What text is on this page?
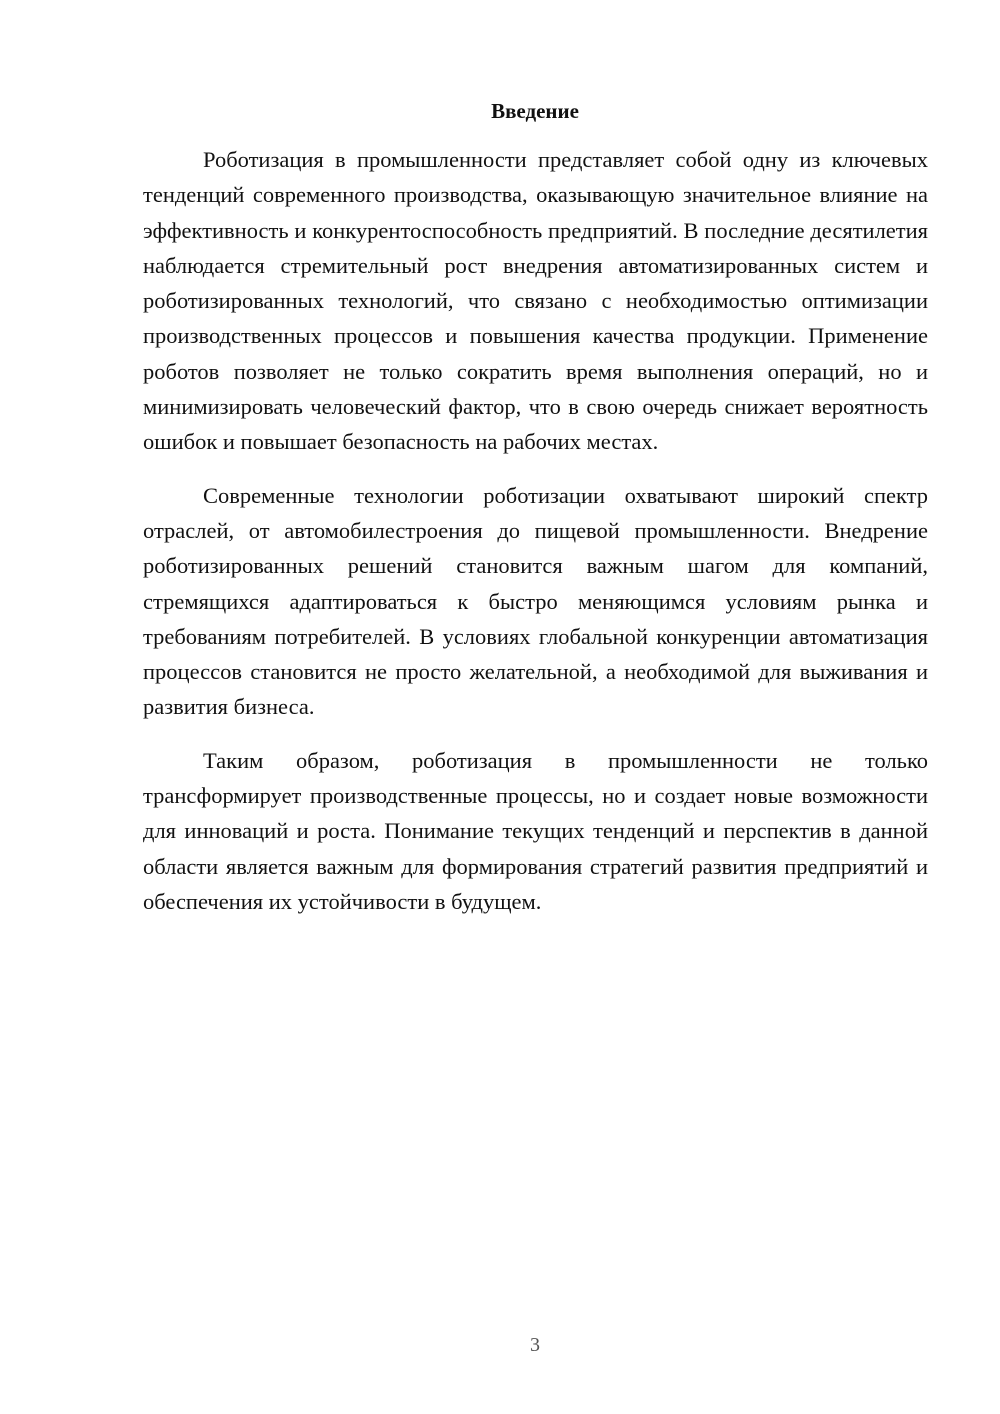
Введение

Роботизация в промышленности представляет собой одну из ключевых тенденций современного производства, оказывающую значительное влияние на эффективность и конкурентоспособность предприятий. В последние десятилетия наблюдается стремительный рост внедрения автоматизированных систем и роботизированных технологий, что связано с необходимостью оптимизации производственных процессов и повышения качества продукции. Применение роботов позволяет не только сократить время выполнения операций, но и минимизировать человеческий фактор, что в свою очередь снижает вероятность ошибок и повышает безопасность на рабочих местах.

Современные технологии роботизации охватывают широкий спектр отраслей, от автомобилестроения до пищевой промышленности. Внедрение роботизированных решений становится важным шагом для компаний, стремящихся адаптироваться к быстро меняющимся условиям рынка и требованиям потребителей. В условиях глобальной конкуренции автоматизация процессов становится не просто желательной, а необходимой для выживания и развития бизнеса.

Таким образом, роботизация в промышленности не только трансформирует производственные процессы, но и создает новые возможности для инноваций и роста. Понимание текущих тенденций и перспектив в данной области является важным для формирования стратегий развития предприятий и обеспечения их устойчивости в будущем.

3
